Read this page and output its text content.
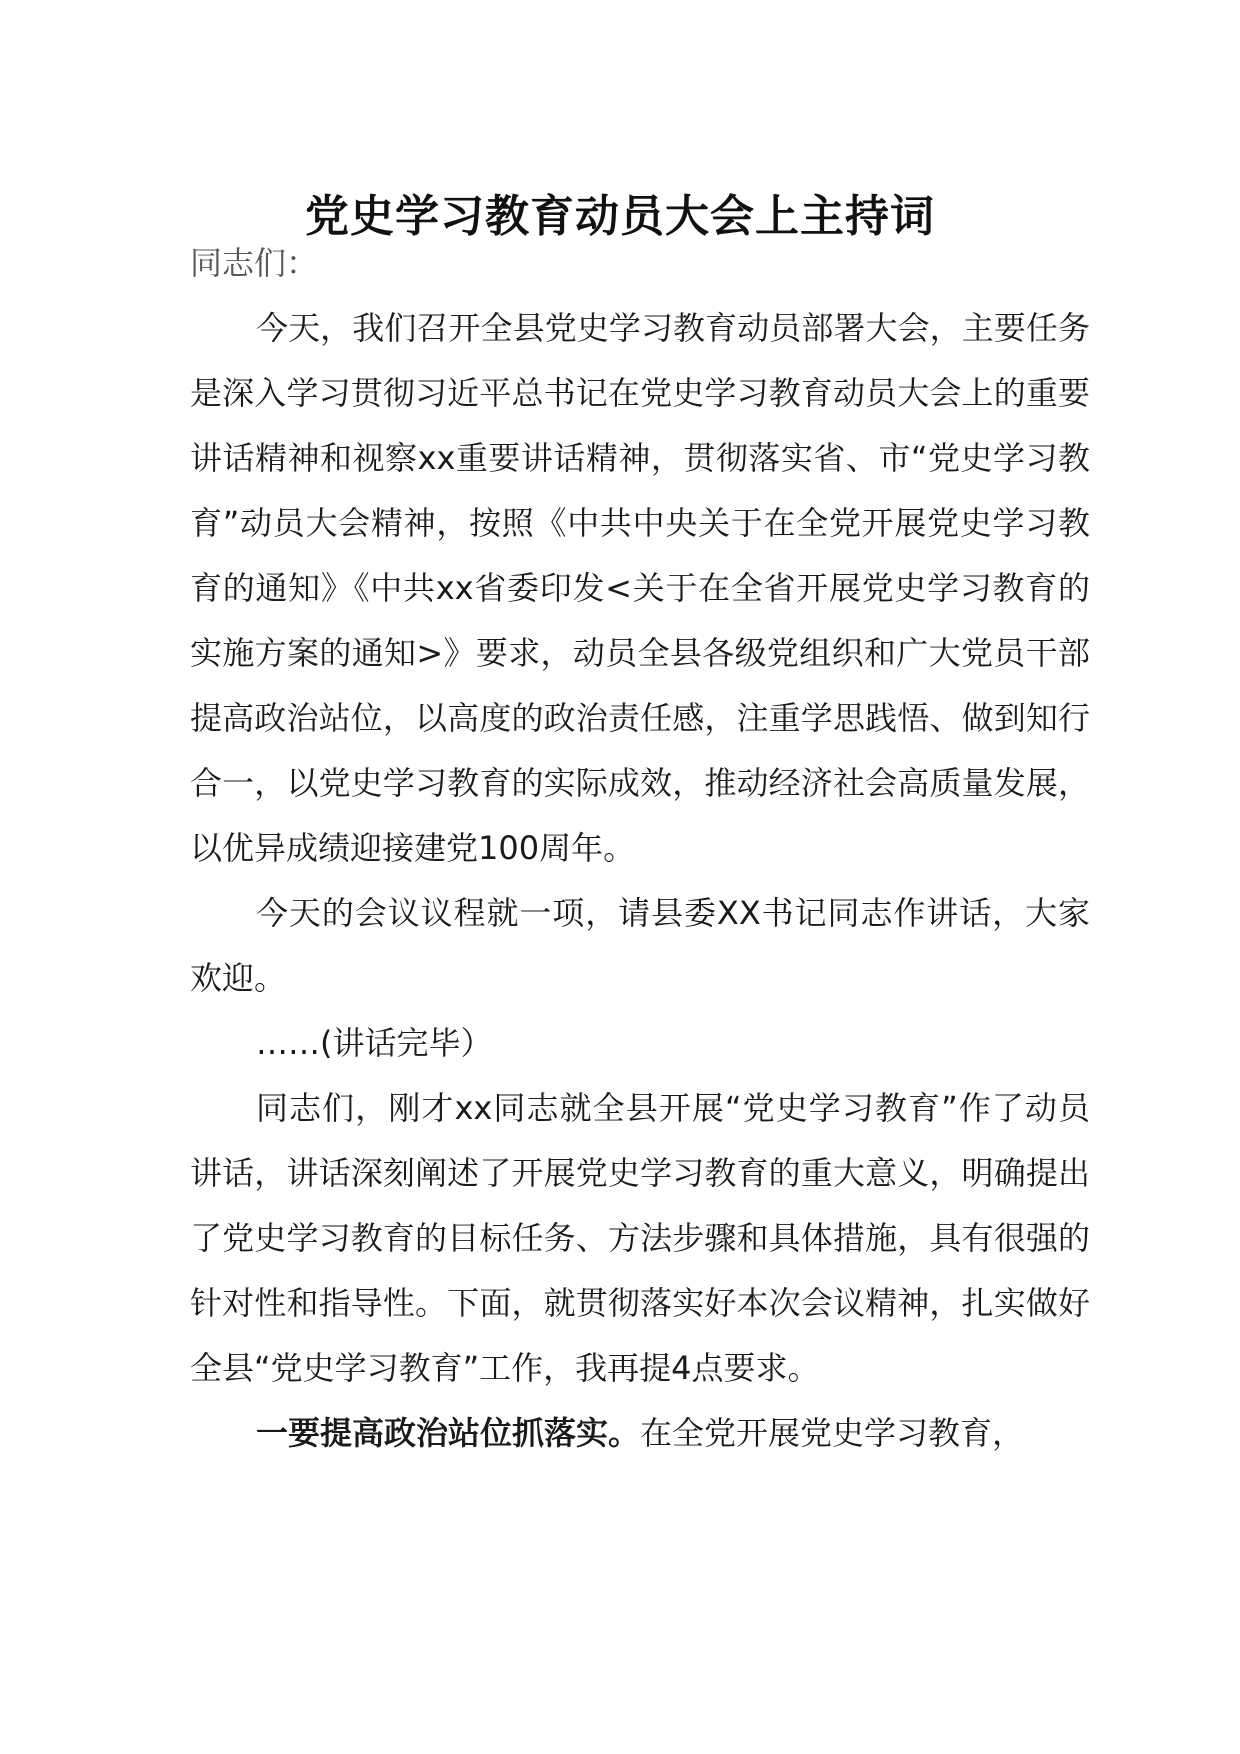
党史学习教育动员大会上主持词

同志们：

今天，我们召开全县党史学习教育动员部署大会，主要任务是深入学习贯彻习近平总书记在党史学习教育动员大会上的重要讲话精神和视察xx重要讲话精神，贯彻落实省、市“党史学习教育”动员大会精神，按照《中共中央关于在全党开展党史学习教育的通知》《中共xx省委印发<关于在全省开展党史学习教育的实施方案的通知>》要求，动员全县各级党组织和广大党员干部提高政治站位，以高度的政治责任感，注重学思践悟、做到知行合一，以党史学习教育的实际成效，推动经济社会高质量发展，以优异成绩迎接建党100周年。

今天的会议议程就一项，请县委XX书记同志作讲话，大家欢迎。

……(讲话完毕）

同志们，刚才xx同志就全县开展“党史学习教育”作了动员讲话，讲话深刻阐述了开展党史学习教育的重大意义，明确提出了党史学习教育的目标任务、方法步骤和具体措施，具有很强的针对性和指导性。下面，就贯彻落实好本次会议精神，扎实做好全县“党史学习教育”工作，我再提4点要求。

一要提高政治站位抓落实。在全党开展党史学习教育，
